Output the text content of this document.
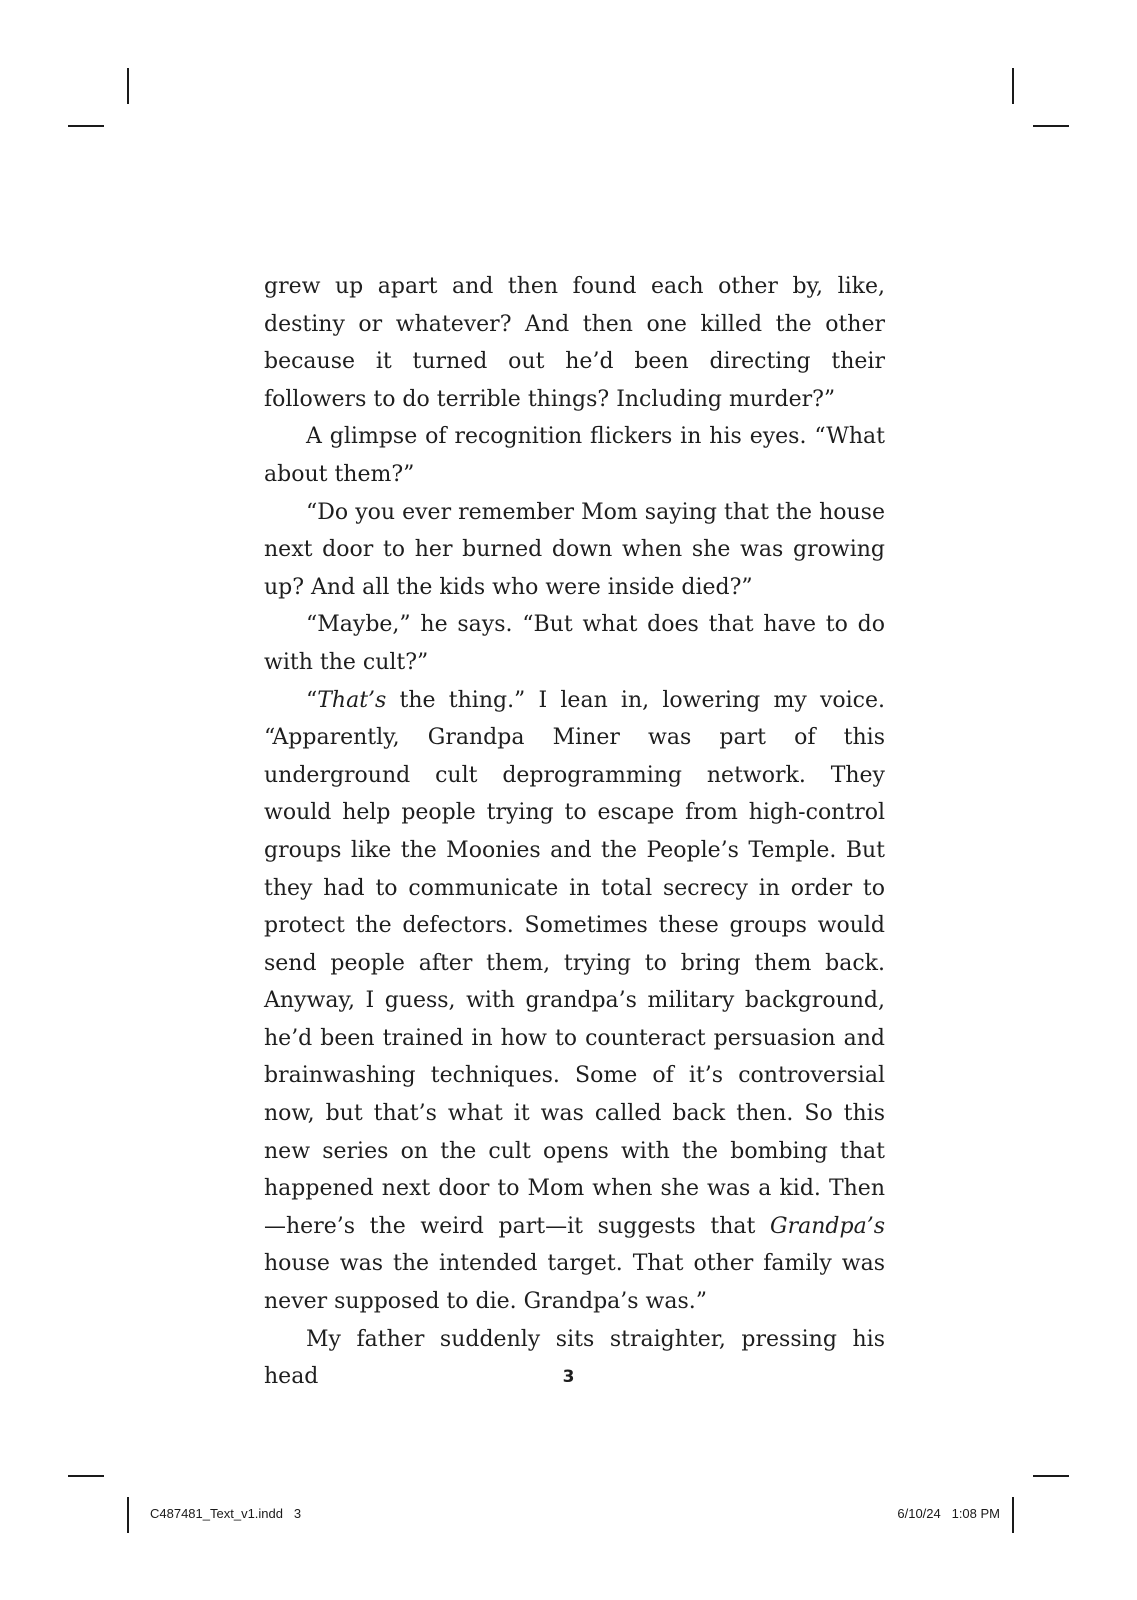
grew up apart and then found each other by, like, destiny or whatever? And then one killed the other because it turned out he’d been directing their followers to do terrible things? Including murder?”

A glimpse of recognition flickers in his eyes. “What about them?”

“Do you ever remember Mom saying that the house next door to her burned down when she was growing up? And all the kids who were inside died?”

“Maybe,” he says. “But what does that have to do with the cult?”

“That’s the thing.” I lean in, lowering my voice. “Apparently, Grandpa Miner was part of this underground cult deprogramming network. They would help people trying to escape from high-control groups like the Moonies and the People’s Temple. But they had to communicate in total secrecy in order to protect the defectors. Sometimes these groups would send people after them, trying to bring them back. Anyway, I guess, with grandpa’s military background, he’d been trained in how to counteract persuasion and brainwashing techniques. Some of it’s controversial now, but that’s what it was called back then. So this new series on the cult opens with the bombing that happened next door to Mom when she was a kid. Then—here’s the weird part—it suggests that Grandpa’s house was the intended target. That other family was never supposed to die. Grandpa’s was.”

My father suddenly sits straighter, pressing his head	3
C487481_Text_v1.indd   3	6/10/24   1:08 PM
